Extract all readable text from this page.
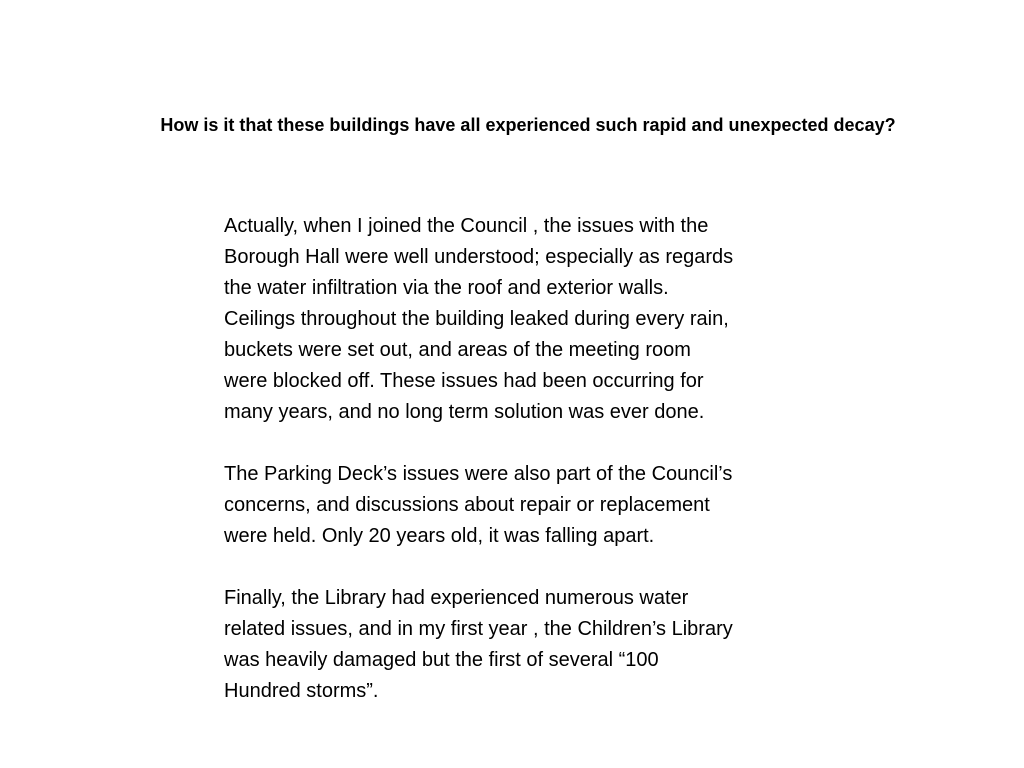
How is it that these buildings have all experienced such rapid and unexpected decay?

Actually, when I joined the Council , the issues with the
Borough Hall were well understood; especially as regards
the water infiltration via the roof and exterior walls.
Ceilings throughout the building leaked during every rain,
buckets were set out, and areas of the meeting room
were blocked off. These issues had been occurring for
many years, and no long term solution was ever done.

The Parking Deck’s issues were also part of the Council’s
concerns, and discussions about repair or replacement
were held. Only 20 years old, it was falling apart.

Finally, the Library had experienced numerous water
related issues, and in my first year , the Children’s Library
was heavily damaged but the first of several “100
Hundred storms”.
